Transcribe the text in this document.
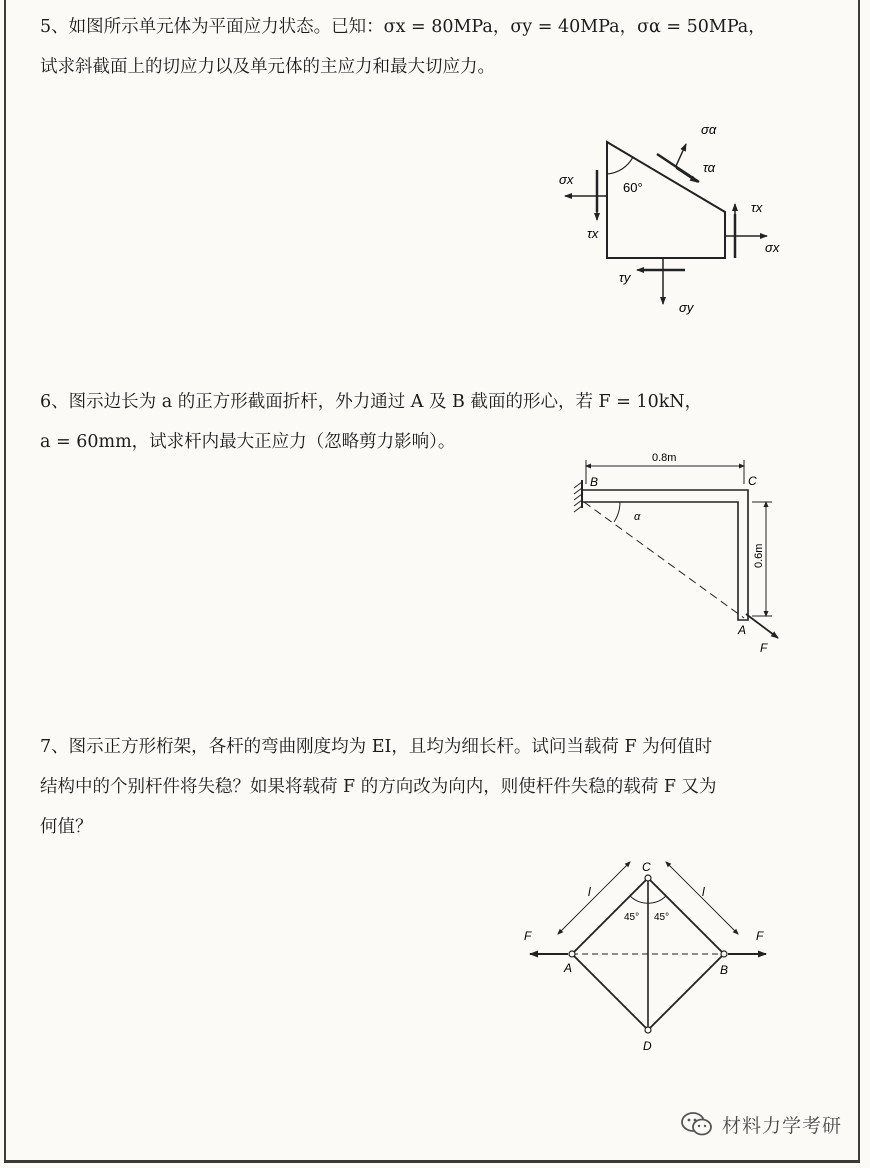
5、如图所示单元体为平面应力状态。已知：σx = 80MPa，σy = 40MPa，σα = 50MPa，
试求斜截面上的切应力以及单元体的主应力和最大切应力。
60°
σα
τα
σx
τx
τx
σx
τy
σy
6、图示边长为 a 的正方形截面折杆，外力通过 A 及 B 截面的形心，若 F = 10kN，
a = 60mm，试求杆内最大正应力（忽略剪力影响）。
0.8m
0.6m
B	C
A
F
α
7、图示正方形桁架，各杆的弯曲刚度均为 EI，且均为细长杆。试问当载荷 F 为何值时
结构中的个别杆件将失稳？如果将载荷 F 的方向改为向内，则使杆件失稳的载荷 F 又为
何值？
C
A	B
D
F	F
l	l
45° 45°
材料力学考研
